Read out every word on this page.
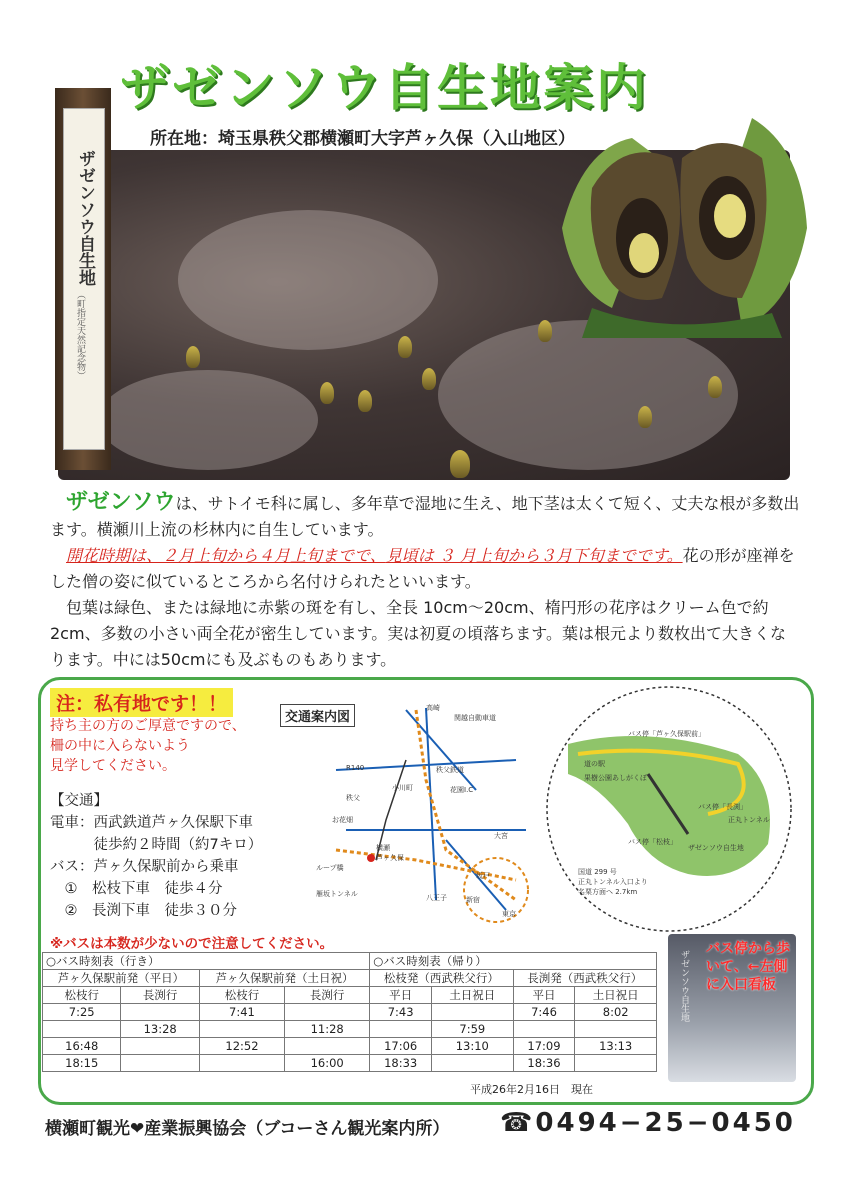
ザゼンソウ自生地案内
所在地：埼玉県秩父郡横瀬町大字芦ヶ久保（入山地区）
ザゼンソウ自生地
（町指定天然記念物）

　ザゼンソウは、サトイモ科に属し、多年草で湿地に生え、地下茎は太くて短く、丈夫な根が多数出ます。横瀬川上流の杉林内に自生しています。

　開花時期は、２月上旬から４月上旬までで、見頃は ３ 月上旬から３月下旬までです。花の形が座禅をした僧の姿に似ているところから名付けられたといいます。

　包葉は緑色、または緑地に赤紫の斑を有し、全長 10cm〜20cm、楕円形の花序はクリーム色で約2cm、多数の小さい両全花が密生しています。実は初夏の頃落ちます。葉は根元より数枚出て大きくなります。中には50cmにも及ぶものもあります。

注：私有地です！！
持ち主の方のご厚意ですので、
柵の中に入らないよう
見学してください。
【交通】
電車：西武鉄道芦ヶ久保駅下車
　　　徒歩約２時間（約7キロ）
バス：芦ヶ久保駅前から乗車
　①　松枝下車　徒歩４分
　②　長渕下車　徒歩３０分
※バスは本数が少ないので注意してください。
高崎
関越自動車道
R140	秩父鉄道
花園I.C
小川町
秩父
お花畑
横瀬
芦ヶ久保
ループ橋
雁坂トンネル
大宮
坂戸
八王子	新宿
東京
交通案内図
バス停「芦ヶ久保駅前」
道の駅
果樹公園あしがくぼ
バス停「長渕」
正丸トンネル
バス停「松枝」
ザゼンソウ自生地
国道 299 号
正丸トンネル入口より
名栗方面へ 2.7km
○バス時刻表（行き）				○バス時刻表（帰り）			
芦ヶ久保駅前発（平日）		芦ヶ久保駅前発（土日祝）		松枝発（西武秩父行）		長渕発（西武秩父行）	
松枝行	長渕行	松枝行	長渕行	平日	土日祝日	平日	土日祝日
7:25		7:41		7:43		7:46	8:02
	13:28		11:28		7:59		
16:48		12:52		17:06	13:10	17:09	13:13
18:15			16:00	18:33		18:36	
平成26年2月16日　現在
ザゼンソウ自生地
バス停から歩いて、←左側に入口看板
横瀬町観光❤産業振興協会（ブコーさん観光案内所） ☎0494−25−0450
